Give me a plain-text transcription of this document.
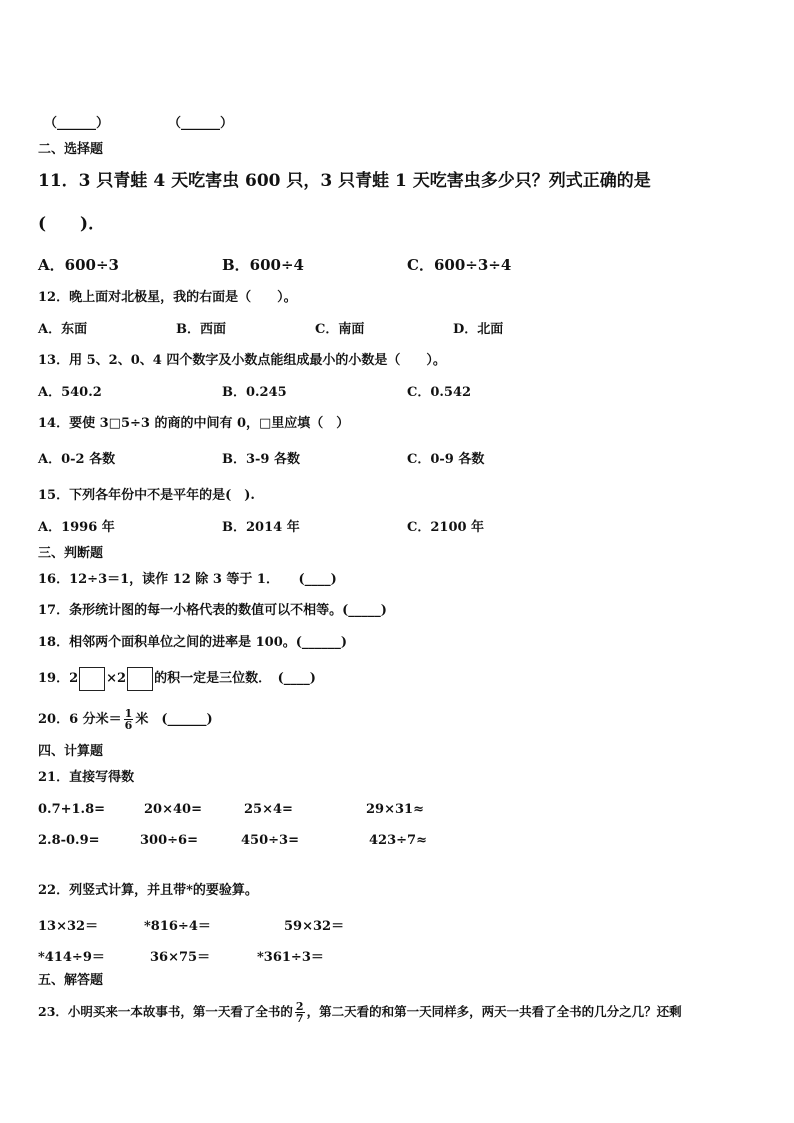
（______）	（______）
二、选择题
11．3 只青蛙 4 天吃害虫 600 只，3 只青蛙 1 天吃害虫多少只？列式正确的是
(　　)．
A．600÷3	B．600÷4	C．600÷3÷4
12．晚上面对北极星，我的右面是（　　）。
A．东面	B．西面	C．南面	D．北面
13．用 5、2、0、4 四个数字及小数点能组成最小的小数是（　　）。
A．540.2	B．0.245	C．0.542
14．要使 3□5÷3 的商的中间有 0，□里应填（　）
A．0-2 各数	B．3-9 各数	C．0-9 各数
15．下列各年份中不是平年的是(　).
A．1996 年	B．2014 年	C．2100 年
三、判断题
16．12÷3＝1，读作 12 除 3 等于 1．　　(____)
17．条形统计图的每一小格代表的数值可以不相等。(_____)
18．相邻两个面积单位之间的进率是 100。(______)
19．2 ×2 的积一定是三位数．　(____)
20．6 分米＝ $\frac{1}{6}$ 米　(______)
四、计算题
21．直接写得数
0.7+1.8=	20×40=	25×4=	29×31≈
2.8-0.9=	300÷6=	450÷3=	423÷7≈
22．列竖式计算，并且带*的要验算。
13×32＝	*816÷4＝	59×32＝
*414÷9＝	36×75＝	*361÷3＝
五、解答题
23．小明买来一本故事书，第一天看了全书的 $\frac{2}{7}$ ，第二天看的和第一天同样多，两天一共看了全书的几分之几？还剩
